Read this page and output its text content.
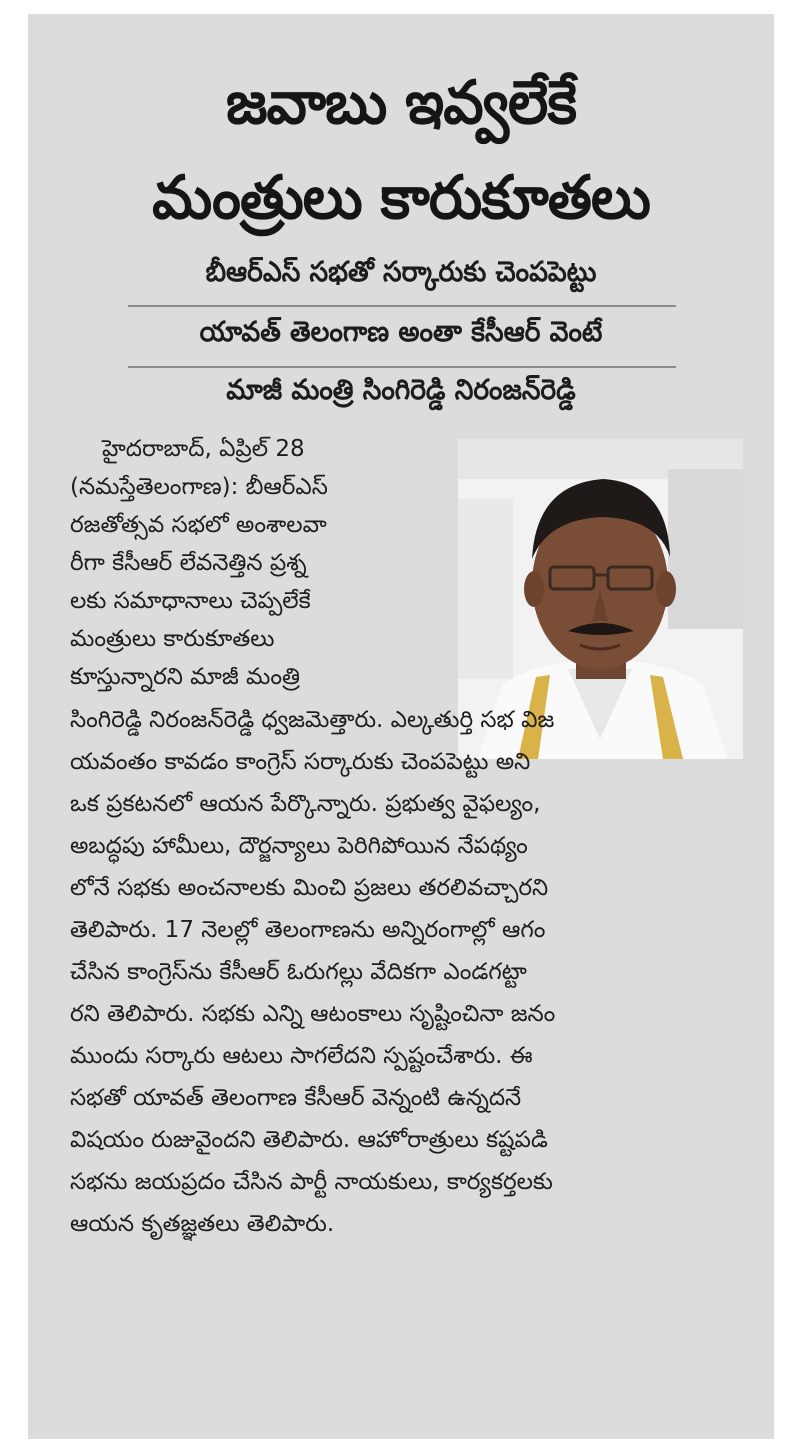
జవాబు ఇవ్వలేకే
మంత్రులు కారుకూతలు
బీఆర్ఎస్ సభతో సర్కారుకు చెంపపెట్టు
యావత్ తెలంగాణ అంతా కేసీఆర్ వెంటే
మాజీ మంత్రి సింగిరెడ్డి నిరంజన్‌రెడ్డి
హైదరాబాద్, ఏప్రిల్ 28
(నమస్తేతెలంగాణ): బీఆర్ఎస్
రజతోత్సవ సభలో అంశాలవా
రీగా కేసీఆర్ లేవనెత్తిన ప్రశ్న
లకు సమాధానాలు చెప్పలేకే
మంత్రులు కారుకూతలు
కూస్తున్నారని మాజీ మంత్రి
సింగిరెడ్డి నిరంజన్‌రెడ్డి ధ్వజమెత్తారు. ఎల్కతుర్తి సభ విజ
యవంతం కావడం కాంగ్రెస్ సర్కారుకు చెంపపెట్టు అని
ఒక ప్రకటనలో ఆయన పేర్కొన్నారు. ప్రభుత్వ వైఫల్యం,
అబద్ధపు హామీలు, దౌర్జన్యాలు పెరిగిపోయిన నేపథ్యం
లోనే సభకు అంచనాలకు మించి ప్రజలు తరలివచ్చారని
తెలిపారు. 17 నెలల్లో తెలంగాణను అన్నిరంగాల్లో ఆగం
చేసిన కాంగ్రెస్‌ను కేసీఆర్ ఓరుగల్లు వేదికగా ఎండగట్టా
రని తెలిపారు. సభకు ఎన్ని ఆటంకాలు సృష్టించినా జనం
ముందు సర్కారు ఆటలు సాగలేదని స్పష్టంచేశారు. ఈ
సభతో యావత్ తెలంగాణ కేసీఆర్ వెన్నంటి ఉన్నదనే
విషయం రుజువైందని తెలిపారు. ఆహోరాత్రులు కష్టపడి
సభను జయప్రదం చేసిన పార్టీ నాయకులు, కార్యకర్తలకు
ఆయన కృతజ్ఞతలు తెలిపారు.
